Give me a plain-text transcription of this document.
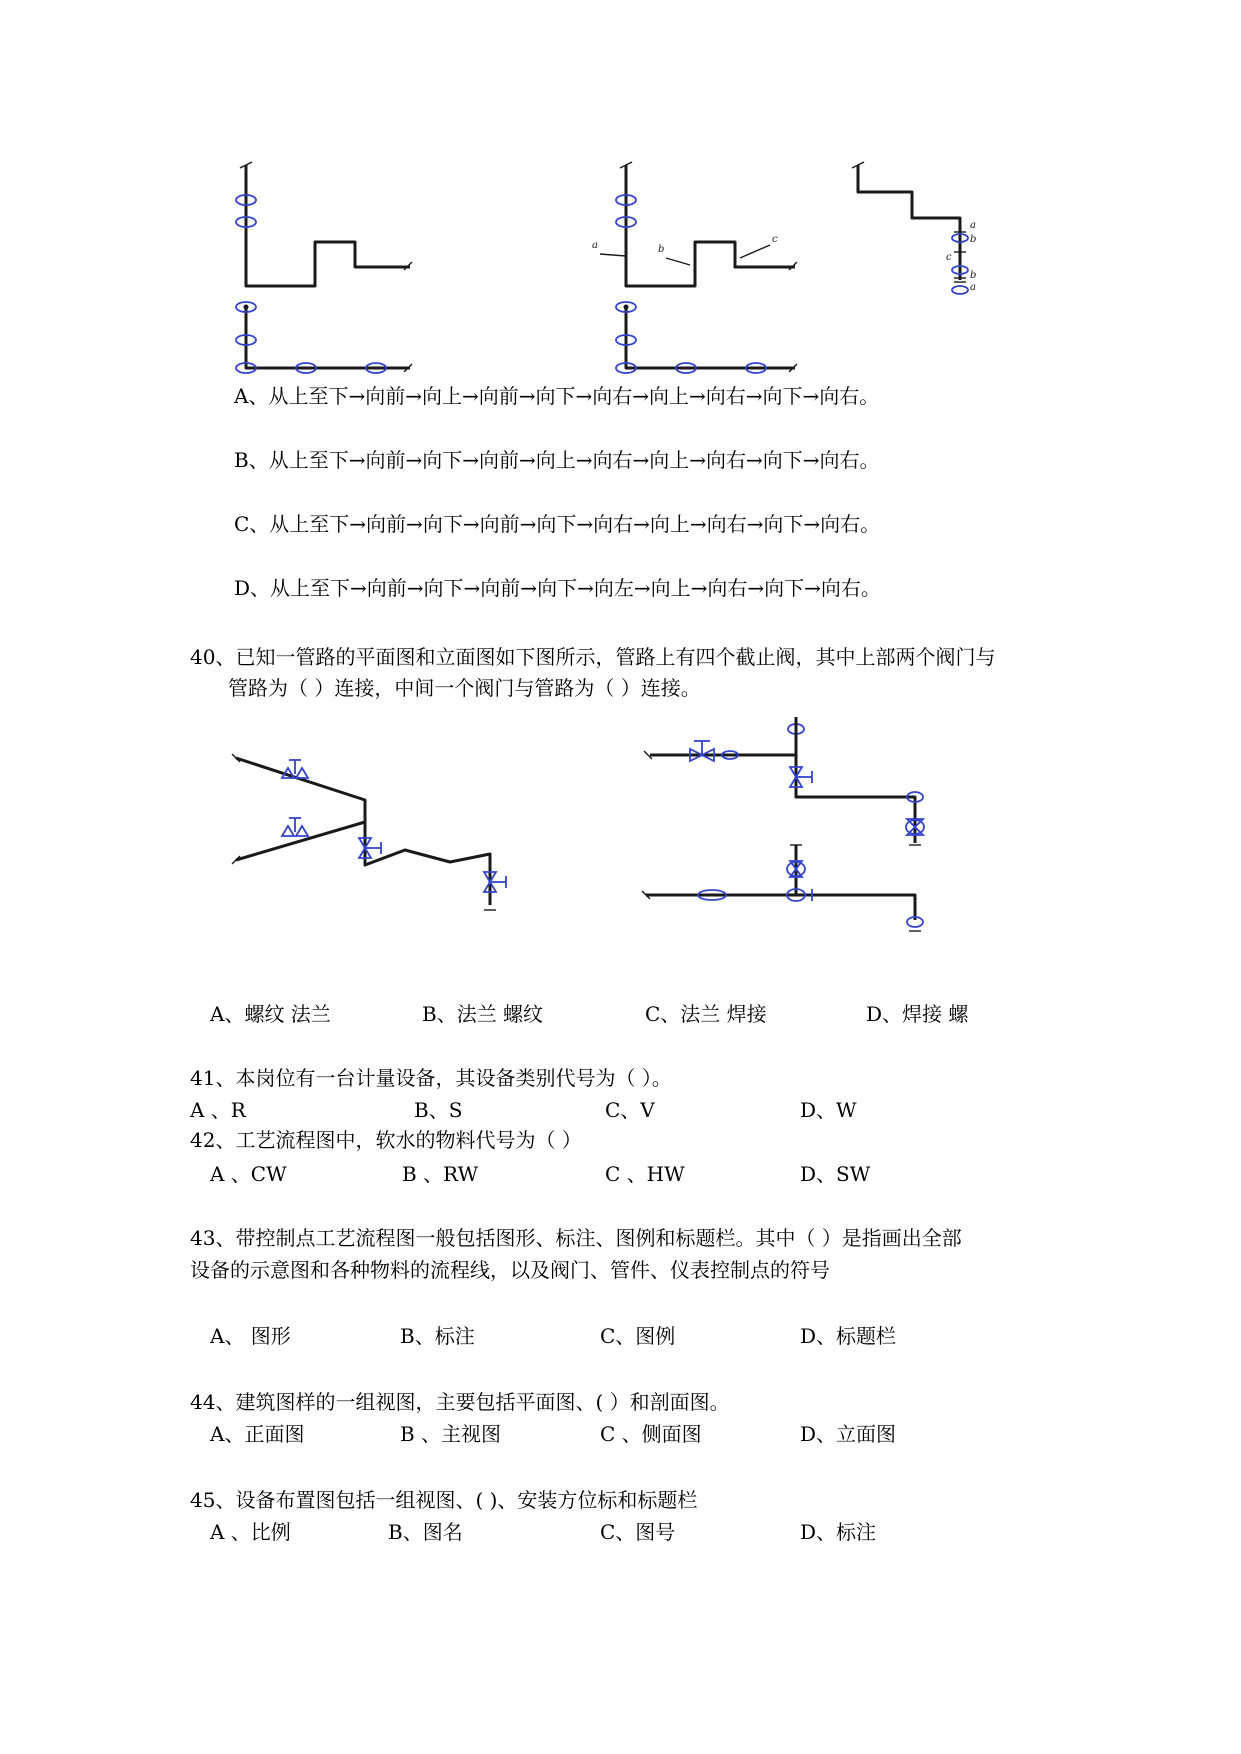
a	b
c
a
b
c
b
a
A、从上至下→向前→向上→向前→向下→向右→向上→向右→向下→向右。
B、从上至下→向前→向下→向前→向上→向右→向上→向右→向下→向右。
C、从上至下→向前→向下→向前→向下→向右→向上→向右→向下→向右。
D、从上至下→向前→向下→向前→向下→向左→向上→向右→向下→向右。
40、已知一管路的平面图和立面图如下图所示，管路上有四个截止阀，其中上部两个阀门与
管路为（ ）连接，中间一个阀门与管路为（ ）连接。
A、螺纹 法兰	B、法兰 螺纹	C、法兰 焊接	D、焊接 螺
41、本岗位有一台计量设备，其设备类别代号为（ ）。
A 、R	B、S	C、V	D、W
42、工艺流程图中，软水的物料代号为（ ）
A 、CW	B 、RW	C 、HW	D、SW
43、带控制点工艺流程图一般包括图形、标注、图例和标题栏。其中（ ）是指画出全部
设备的示意图和各种物料的流程线，以及阀门、管件、仪表控制点的符号
A、 图形	B、标注	C、图例	D、标题栏
44、建筑图样的一组视图，主要包括平面图、( ）和剖面图。
A、正面图	B 、主视图	C 、侧面图	D、立面图
45、设备布置图包括一组视图、( )、安装方位标和标题栏
A 、比例	B、图名	C、图号	D、标注
